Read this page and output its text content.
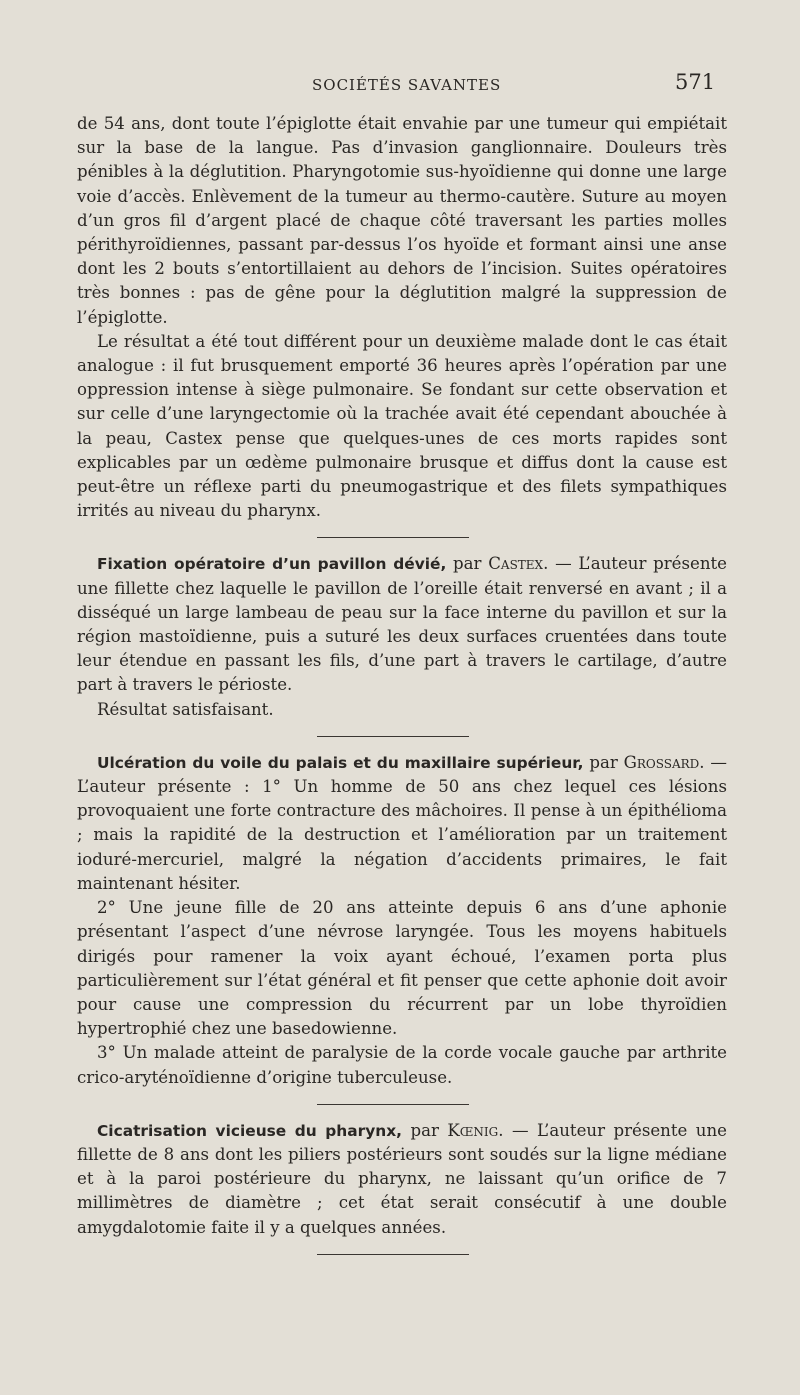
SOCIÉTÉS SAVANTES	571

de 54 ans, dont toute l’épiglotte était envahie par une tumeur qui empiétait sur la base de la langue. Pas d’invasion ganglionnaire. Douleurs très pénibles à la déglutition. Pharyngotomie sus-hyoïdienne qui donne une large voie d’accès. Enlèvement de la tumeur au thermo-cautère. Suture au moyen d’un gros fil d’argent placé de chaque côté traversant les parties molles périthyroïdiennes, passant par-dessus l’os hyoïde et formant ainsi une anse dont les 2 bouts s’entortillaient au dehors de l’incision. Suites opératoires très bonnes : pas de gêne pour la déglutition malgré la suppression de l’épiglotte.

Le résultat a été tout différent pour un deuxième malade dont le cas était analogue : il fut brusquement emporté 36 heures après l’opération par une oppression intense à siège pulmonaire. Se fondant sur cette observation et sur celle d’une laryngectomie où la trachée avait été cependant abouchée à la peau, Castex pense que quelques-unes de ces morts rapides sont explicables par un œdème pulmonaire brusque et diffus dont la cause est peut-être un réflexe parti du pneumogastrique et des filets sympathiques irrités au niveau du pharynx.

Fixation opératoire d’un pavillon dévié, par Castex. — L’auteur présente une fillette chez laquelle le pavillon de l’oreille était renversé en avant ; il a disséqué un large lambeau de peau sur la face interne du pavillon et sur la région mastoïdienne, puis a suturé les deux surfaces cruentées dans toute leur étendue en passant les fils, d’une part à travers le cartilage, d’autre part à travers le périoste.

Résultat satisfaisant.

Ulcération du voile du palais et du maxillaire supérieur, par Grossard. — L’auteur présente : 1° Un homme de 50 ans chez lequel ces lésions provoquaient une forte contracture des mâchoires. Il pense à un épithélioma ; mais la rapidité de la destruction et l’amélioration par un traitement ioduré-mercuriel, malgré la négation d’accidents primaires, le fait maintenant hésiter.

2° Une jeune fille de 20 ans atteinte depuis 6 ans d’une aphonie présentant l’aspect d’une névrose laryngée. Tous les moyens habituels dirigés pour ramener la voix ayant échoué, l’examen porta plus particulièrement sur l’état général et fit penser que cette aphonie doit avoir pour cause une compression du récurrent par un lobe thyroïdien hypertrophié chez une basedowienne.

3° Un malade atteint de paralysie de la corde vocale gauche par arthrite crico-aryténoïdienne d’origine tuberculeuse.

Cicatrisation vicieuse du pharynx, par Kœnig. — L’auteur présente une fillette de 8 ans dont les piliers postérieurs sont soudés sur la ligne médiane et à la paroi postérieure du pharynx, ne laissant qu’un orifice de 7 millimètres de diamètre ; cet état serait consécutif à une double amygdalotomie faite il y a quelques années.
